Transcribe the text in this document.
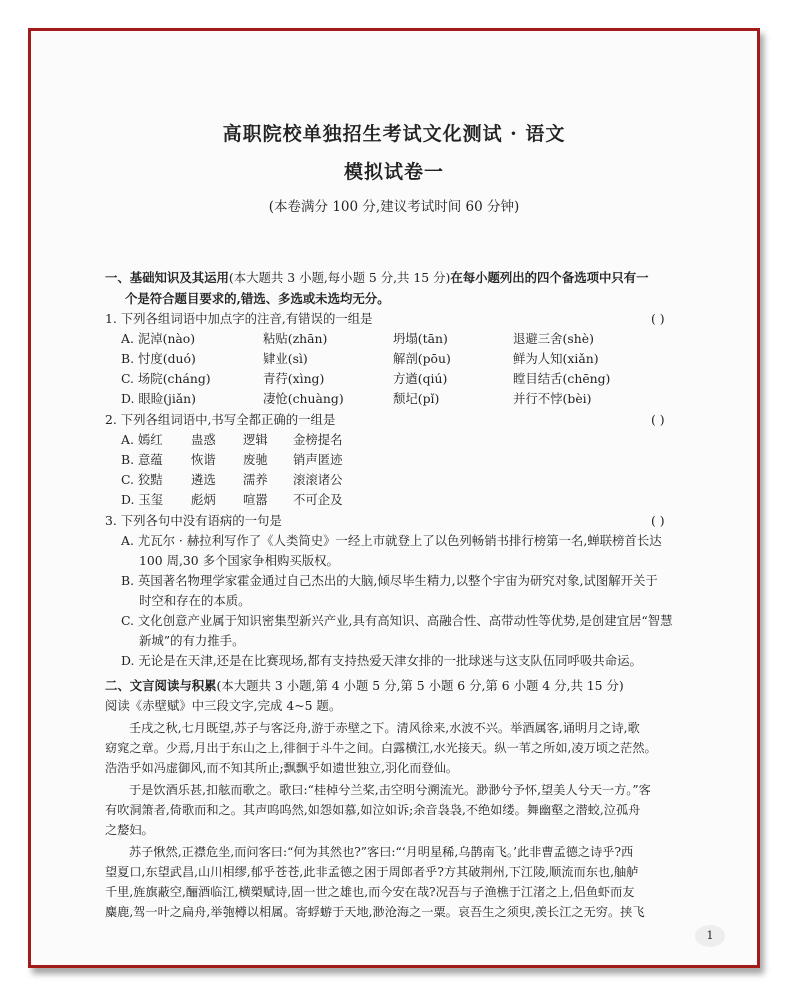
高职院校单独招生考试文化测试 · 语文
模拟试卷一
(本卷满分 100 分,建议考试时间 60 分钟)
一、基础知识及其运用(本大题共 3 小题,每小题 5 分,共 15 分)在每小题列出的四个备选项中只有一
个是符合题目要求的,错选、多选或未选均无分。
1. 下列各组词语中加点字的注音,有错误的一组是	( )
A. 泥淖(nào)	粘贴(zhān)	坍塌(tān)	退避三舍(shè)
B. 忖度(duó)	肄业(sì)	解剖(pōu)	鲜为人知(xiǎn)
C. 场院(cháng)	青荇(xìng)	方遒(qiú)	瞠目结舌(chēng)
D. 眼睑(jiǎn)	凄怆(chuàng)	颓圮(pǐ)	并行不悖(bèi)
2. 下列各组词语中,书写全都正确的一组是	( )
A. 嫣红 蛊惑 逻辑 金榜提名
B. 意蕴 恢谐 废驰 销声匿迹
C. 狡黠 遴选 濡养 滚滚诸公
D. 玉玺 彪炳 喧嚣 不可企及
3. 下列各句中没有语病的一句是	( )
A. 尤瓦尔 · 赫拉利写作了《人类简史》一经上市就登上了以色列畅销书排行榜第一名,蝉联榜首长达
100 周,30 多个国家争相购买版权。
B. 英国著名物理学家霍金通过自己杰出的大脑,倾尽毕生精力,以整个宇宙为研究对象,试图解开关于
时空和存在的本质。
C. 文化创意产业属于知识密集型新兴产业,具有高知识、高融合性、高带动性等优势,是创建宜居“智慧
新城”的有力推手。
D. 无论是在天津,还是在比赛现场,都有支持热爱天津女排的一批球迷与这支队伍同呼吸共命运。
二、文言阅读与积累(本大题共 3 小题,第 4 小题 5 分,第 5 小题 6 分,第 6 小题 4 分,共 15 分)
阅读《赤壁赋》中三段文字,完成 4~5 题。
壬戌之秋,七月既望,苏子与客泛舟,游于赤壁之下。清风徐来,水波不兴。举酒属客,诵明月之诗,歌
窈窕之章。少焉,月出于东山之上,徘徊于斗牛之间。白露横江,水光接天。纵一苇之所如,凌万顷之茫然。
浩浩乎如冯虚御风,而不知其所止;飘飘乎如遗世独立,羽化而登仙。
于是饮酒乐甚,扣舷而歌之。歌曰:“桂棹兮兰桨,击空明兮溯流光。渺渺兮予怀,望美人兮天一方。”客
有吹洞箫者,倚歌而和之。其声呜呜然,如怨如慕,如泣如诉;余音袅袅,不绝如缕。舞幽壑之潜蛟,泣孤舟
之嫠妇。
苏子愀然,正襟危坐,而问客曰:“何为其然也?”客曰:“‘月明星稀,乌鹊南飞。’此非曹孟德之诗乎?西
望夏口,东望武昌,山川相缪,郁乎苍苍,此非孟德之困于周郎者乎?方其破荆州,下江陵,顺流而东也,舳舻
千里,旌旗蔽空,酾酒临江,横槊赋诗,固一世之雄也,而今安在哉?况吾与子渔樵于江渚之上,侣鱼虾而友
麋鹿,驾一叶之扁舟,举匏樽以相属。寄蜉蝣于天地,渺沧海之一粟。哀吾生之须臾,羡长江之无穷。挟飞
1
